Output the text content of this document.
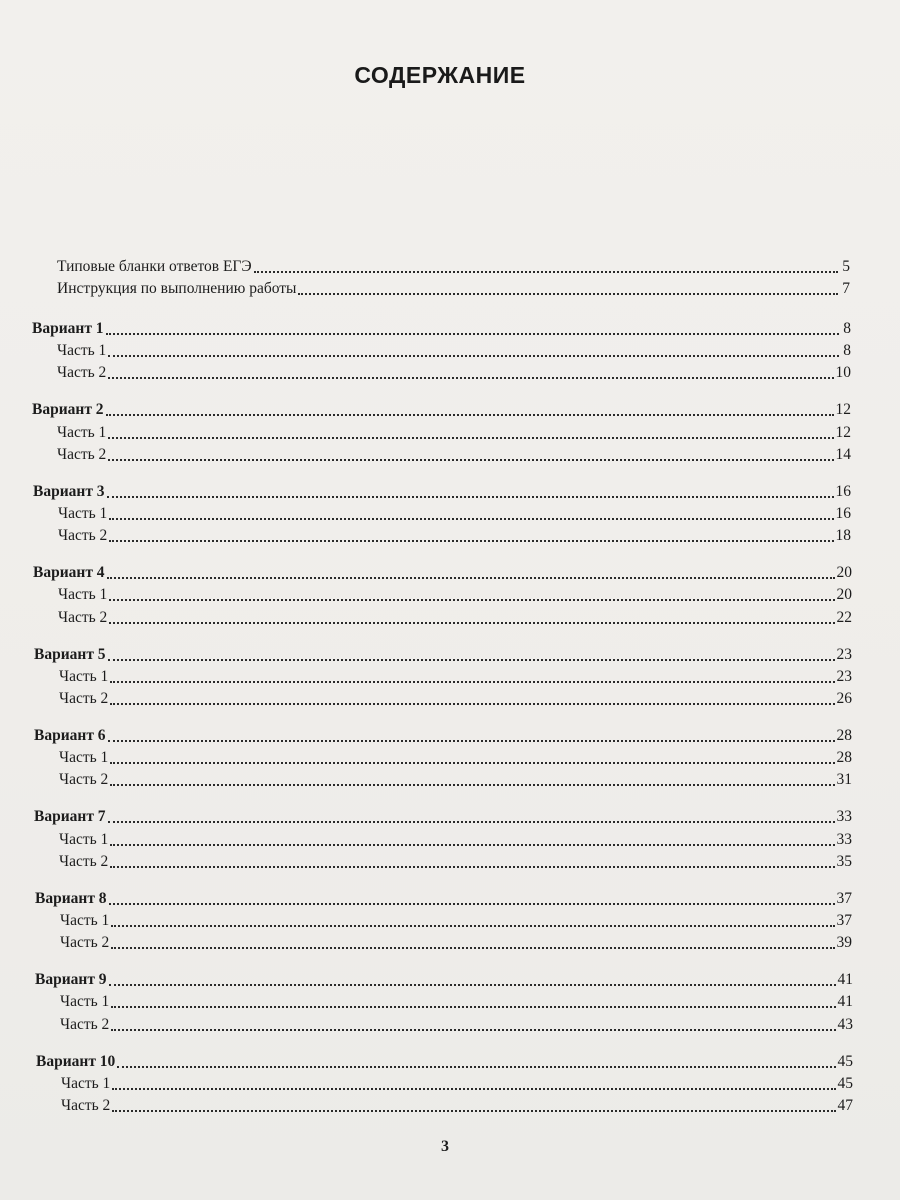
СОДЕРЖАНИЕ
Типовые бланки ответов ЕГЭ	5
Инструкция по выполнению работы	7
Вариант 1	8
Часть 1	8
Часть 2	10
Вариант 2	12
Часть 1	12
Часть 2	14
Вариант 3	16
Часть 1	16
Часть 2	18
Вариант 4	20
Часть 1	20
Часть 2	22
Вариант 5	23
Часть 1	23
Часть 2	26
Вариант 6	28
Часть 1	28
Часть 2	31
Вариант 7	33
Часть 1	33
Часть 2	35
Вариант 8	37
Часть 1	37
Часть 2	39
Вариант 9	41
Часть 1	41
Часть 2	43
Вариант 10	45
Часть 1	45
Часть 2	47
3
